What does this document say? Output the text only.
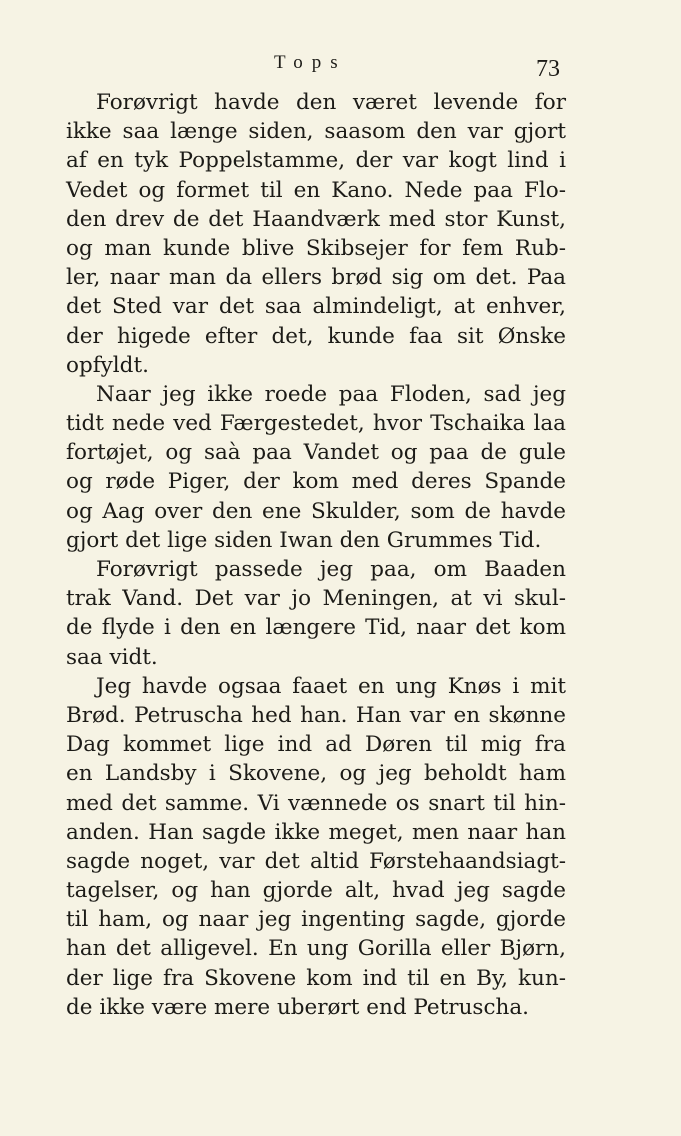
Tops	73
Forøvrigt havde den været levende for
ikke saa længe siden, saasom den var gjort
af en tyk Poppelstamme, der var kogt lind i
Vedet og formet til en Kano. Nede paa Flo-
den drev de det Haandværk med stor Kunst,
og man kunde blive Skibsejer for fem Rub-
ler, naar man da ellers brød sig om det. Paa
det Sted var det saa almindeligt, at enhver,
der higede efter det, kunde faa sit Ønske
opfyldt.
Naar jeg ikke roede paa Floden, sad jeg
tidt nede ved Færgestedet, hvor Tschaika laa
fortøjet, og saà paa Vandet og paa de gule
og røde Piger, der kom med deres Spande
og Aag over den ene Skulder, som de havde
gjort det lige siden Iwan den Grummes Tid.
Forøvrigt passede jeg paa, om Baaden
trak Vand. Det var jo Meningen, at vi skul-
de flyde i den en længere Tid, naar det kom
saa vidt.
Jeg havde ogsaa faaet en ung Knøs i mit
Brød. Petruscha hed han. Han var en skønne
Dag kommet lige ind ad Døren til mig fra
en Landsby i Skovene, og jeg beholdt ham
med det samme. Vi vænnede os snart til hin-
anden. Han sagde ikke meget, men naar han
sagde noget, var det altid Førstehaandsiagt-
tagelser, og han gjorde alt, hvad jeg sagde
til ham, og naar jeg ingenting sagde, gjorde
han det alligevel. En ung Gorilla eller Bjørn,
der lige fra Skovene kom ind til en By, kun-
de ikke være mere uberørt end Petruscha.
